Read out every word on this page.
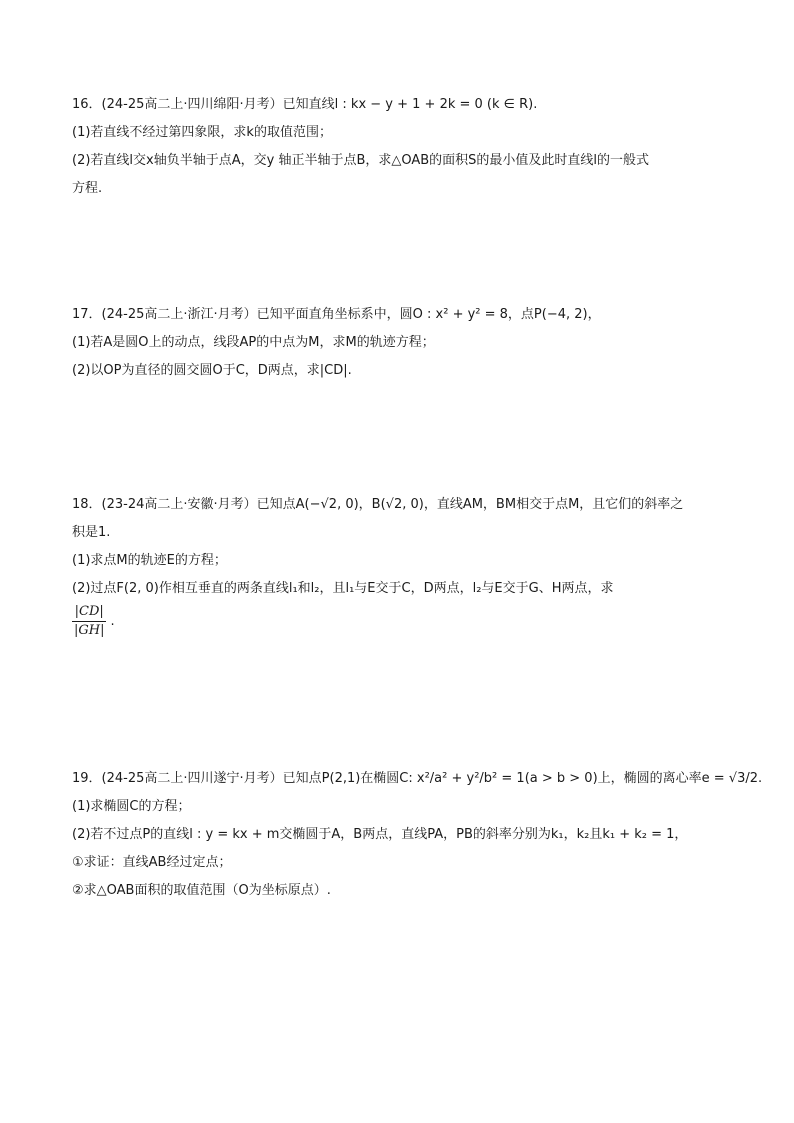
16．(24-25高二上·四川绵阳·月考）已知直线l : kx − y + 1 + 2k = 0 (k ∈ R).

(1)若直线不经过第四象限，求k的取值范围；

(2)若直线l交x轴负半轴于点A，交y 轴正半轴于点B，求△OAB的面积S的最小值及此时直线l的一般式

方程.

17．(24-25高二上·浙江·月考）已知平面直角坐标系中，圆O : x² + y² = 8，点P(−4, 2)，

(1)若A是圆O上的动点，线段AP的中点为M，求M的轨迹方程；

(2)以OP为直径的圆交圆O于C，D两点，求|CD|.

18．(23-24高二上·安徽·月考）已知点A(−√2, 0)，B(√2, 0)，直线AM，BM相交于点M，且它们的斜率之

积是1.

(1)求点M的轨迹E的方程；

(2)过点F(2, 0)作相互垂直的两条直线l₁和l₂，且l₁与E交于C，D两点，l₂与E交于G、H两点，求

$\frac{|CD|}{|GH|}$ .

19．(24-25高二上·四川遂宁·月考）已知点P(2,1)在椭圆C: x²/a² + y²/b² = 1(a > b > 0)上，椭圆的离心率e = √3/2.

(1)求椭圆C的方程；

(2)若不过点P的直线l : y = kx + m交椭圆于A，B两点，直线PA，PB的斜率分别为k₁，k₂且k₁ + k₂ = 1，

①求证：直线AB经过定点；

②求△OAB面积的取值范围（O为坐标原点）.
